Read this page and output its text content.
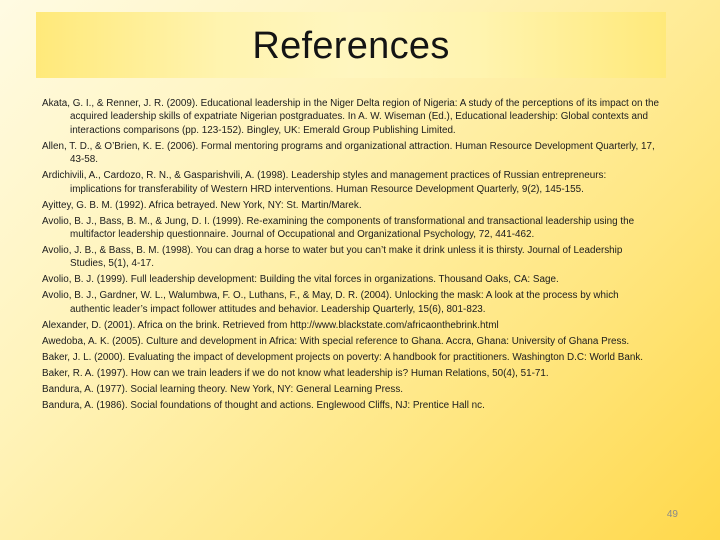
References
Akata, G. I., & Renner, J. R. (2009). Educational leadership in the Niger Delta region of Nigeria: A study of the perceptions of its impact on the acquired leadership skills of expatriate Nigerian postgraduates. In A. W. Wiseman (Ed.), Educational leadership: Global contexts and interactions comparisons (pp. 123-152). Bingley, UK: Emerald Group Publishing Limited.
Allen, T. D., & O’Brien, K. E. (2006). Formal mentoring programs and organizational attraction. Human Resource Development Quarterly, 17, 43-58.
Ardichivili, A., Cardozo, R. N., & Gasparishvili, A. (1998). Leadership styles and management practices of Russian entrepreneurs: implications for transferability of Western HRD interventions. Human Resource Development Quarterly, 9(2), 145-155.
Ayittey, G. B. M. (1992). Africa betrayed. New York, NY: St. Martin/Marek.
Avolio, B. J., Bass, B. M., & Jung, D. I. (1999). Re-examining the components of transformational and transactional leadership using the multifactor leadership questionnaire. Journal of Occupational and Organizational Psychology, 72, 441-462.
Avolio, J. B., & Bass, B. M. (1998). You can drag a horse to water but you can’t make it drink unless it is thirsty. Journal of Leadership Studies, 5(1), 4-17.
Avolio, B. J. (1999). Full leadership development: Building the vital forces in organizations. Thousand Oaks, CA: Sage.
Avolio, B. J., Gardner, W. L., Walumbwa, F. O., Luthans, F., & May, D. R. (2004). Unlocking the mask: A look at the process by which authentic leader’s impact follower attitudes and behavior. Leadership Quarterly, 15(6), 801-823.
Alexander, D. (2001). Africa on the brink. Retrieved from http://www.blackstate.com/africaonthebrink.html
Awedoba, A. K. (2005). Culture and development in Africa: With special reference to Ghana. Accra, Ghana: University of Ghana Press.
Baker, J. L. (2000). Evaluating the impact of development projects on poverty: A handbook for practitioners. Washington D.C: World Bank.
Baker, R. A. (1997). How can we train leaders if we do not know what leadership is? Human Relations, 50(4), 51-71.
Bandura, A. (1977). Social learning theory. New York, NY: General Learning Press.
Bandura, A. (1986). Social foundations of thought and actions. Englewood Cliffs, NJ: Prentice Hall nc.
49
